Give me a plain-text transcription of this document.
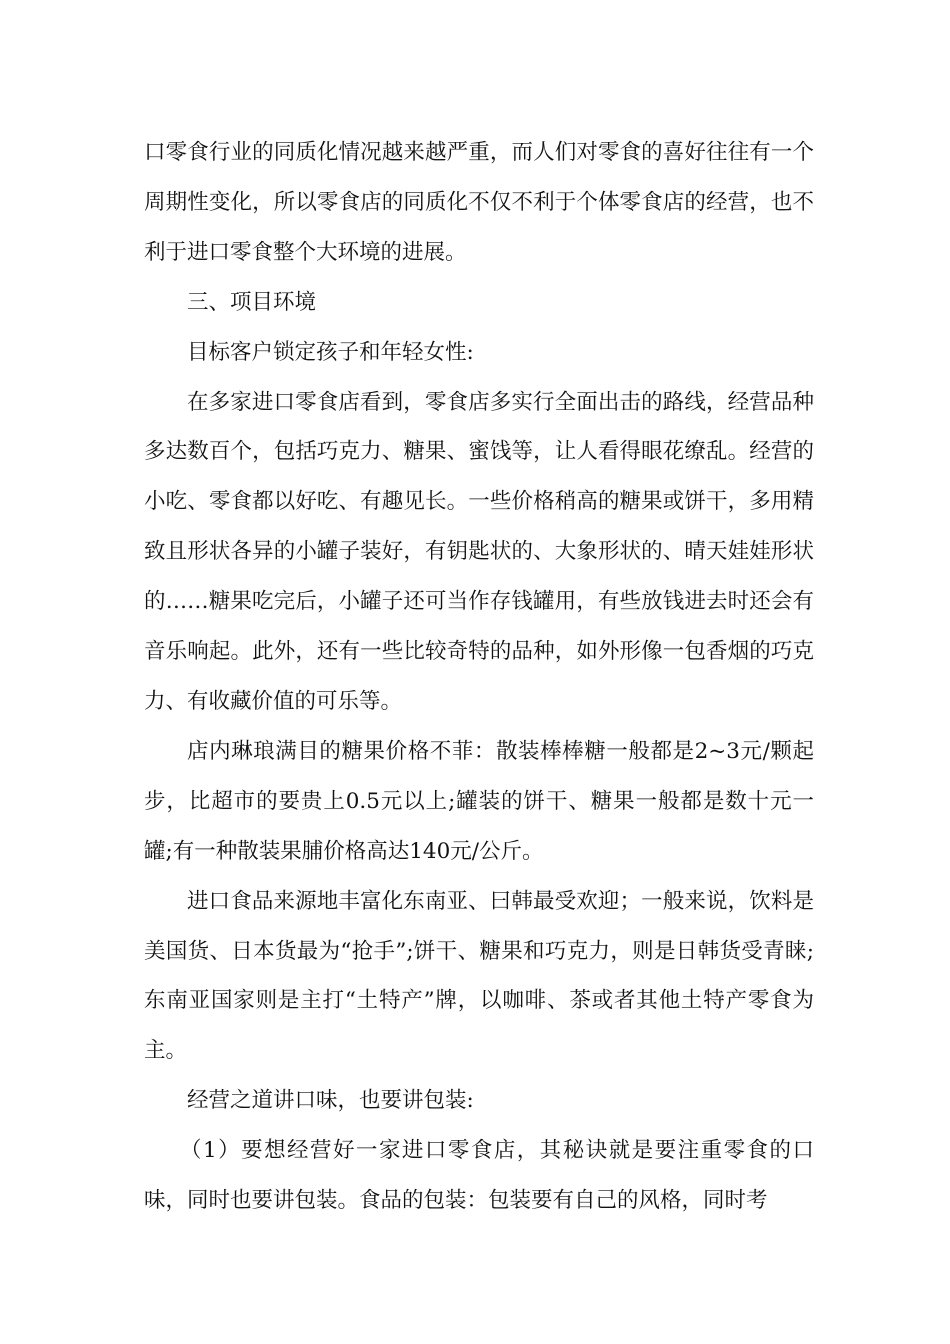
口零食行业的同质化情况越来越严重，而人们对零食的喜好往往有一个周期性变化，所以零食店的同质化不仅不利于个体零食店的经营，也不利于进口零食整个大环境的进展。

三、项目环境

目标客户锁定孩子和年轻女性:

在多家进口零食店看到，零食店多实行全面出击的路线，经营品种多达数百个，包括巧克力、糖果、蜜饯等，让人看得眼花缭乱。经营的小吃、零食都以好吃、有趣见长。一些价格稍高的糖果或饼干，多用精致且形状各异的小罐子装好，有钥匙状的、大象形状的、晴天娃娃形状的……糖果吃完后，小罐子还可当作存钱罐用，有些放钱进去时还会有音乐响起。此外，还有一些比较奇特的品种，如外形像一包香烟的巧克力、有收藏价值的可乐等。

店内琳琅满目的糖果价格不菲：散装棒棒糖一般都是2~3元/颗起步，比超市的要贵上0.5元以上;罐装的饼干、糖果一般都是数十元一罐;有一种散装果脯价格高达140元/公斤。

进口食品来源地丰富化东南亚、曰韩最受欢迎；一般来说，饮料是美国货、日本货最为“抢手”;饼干、糖果和巧克力，则是日韩货受青睐;东南亚国家则是主打“土特产”牌，以咖啡、茶或者其他土特产零食为主。

经营之道讲口味，也要讲包装:

（1）要想经营好一家进口零食店，其秘诀就是要注重零食的口味，同时也要讲包装。食品的包装：包装要有自己的风格，同时考
